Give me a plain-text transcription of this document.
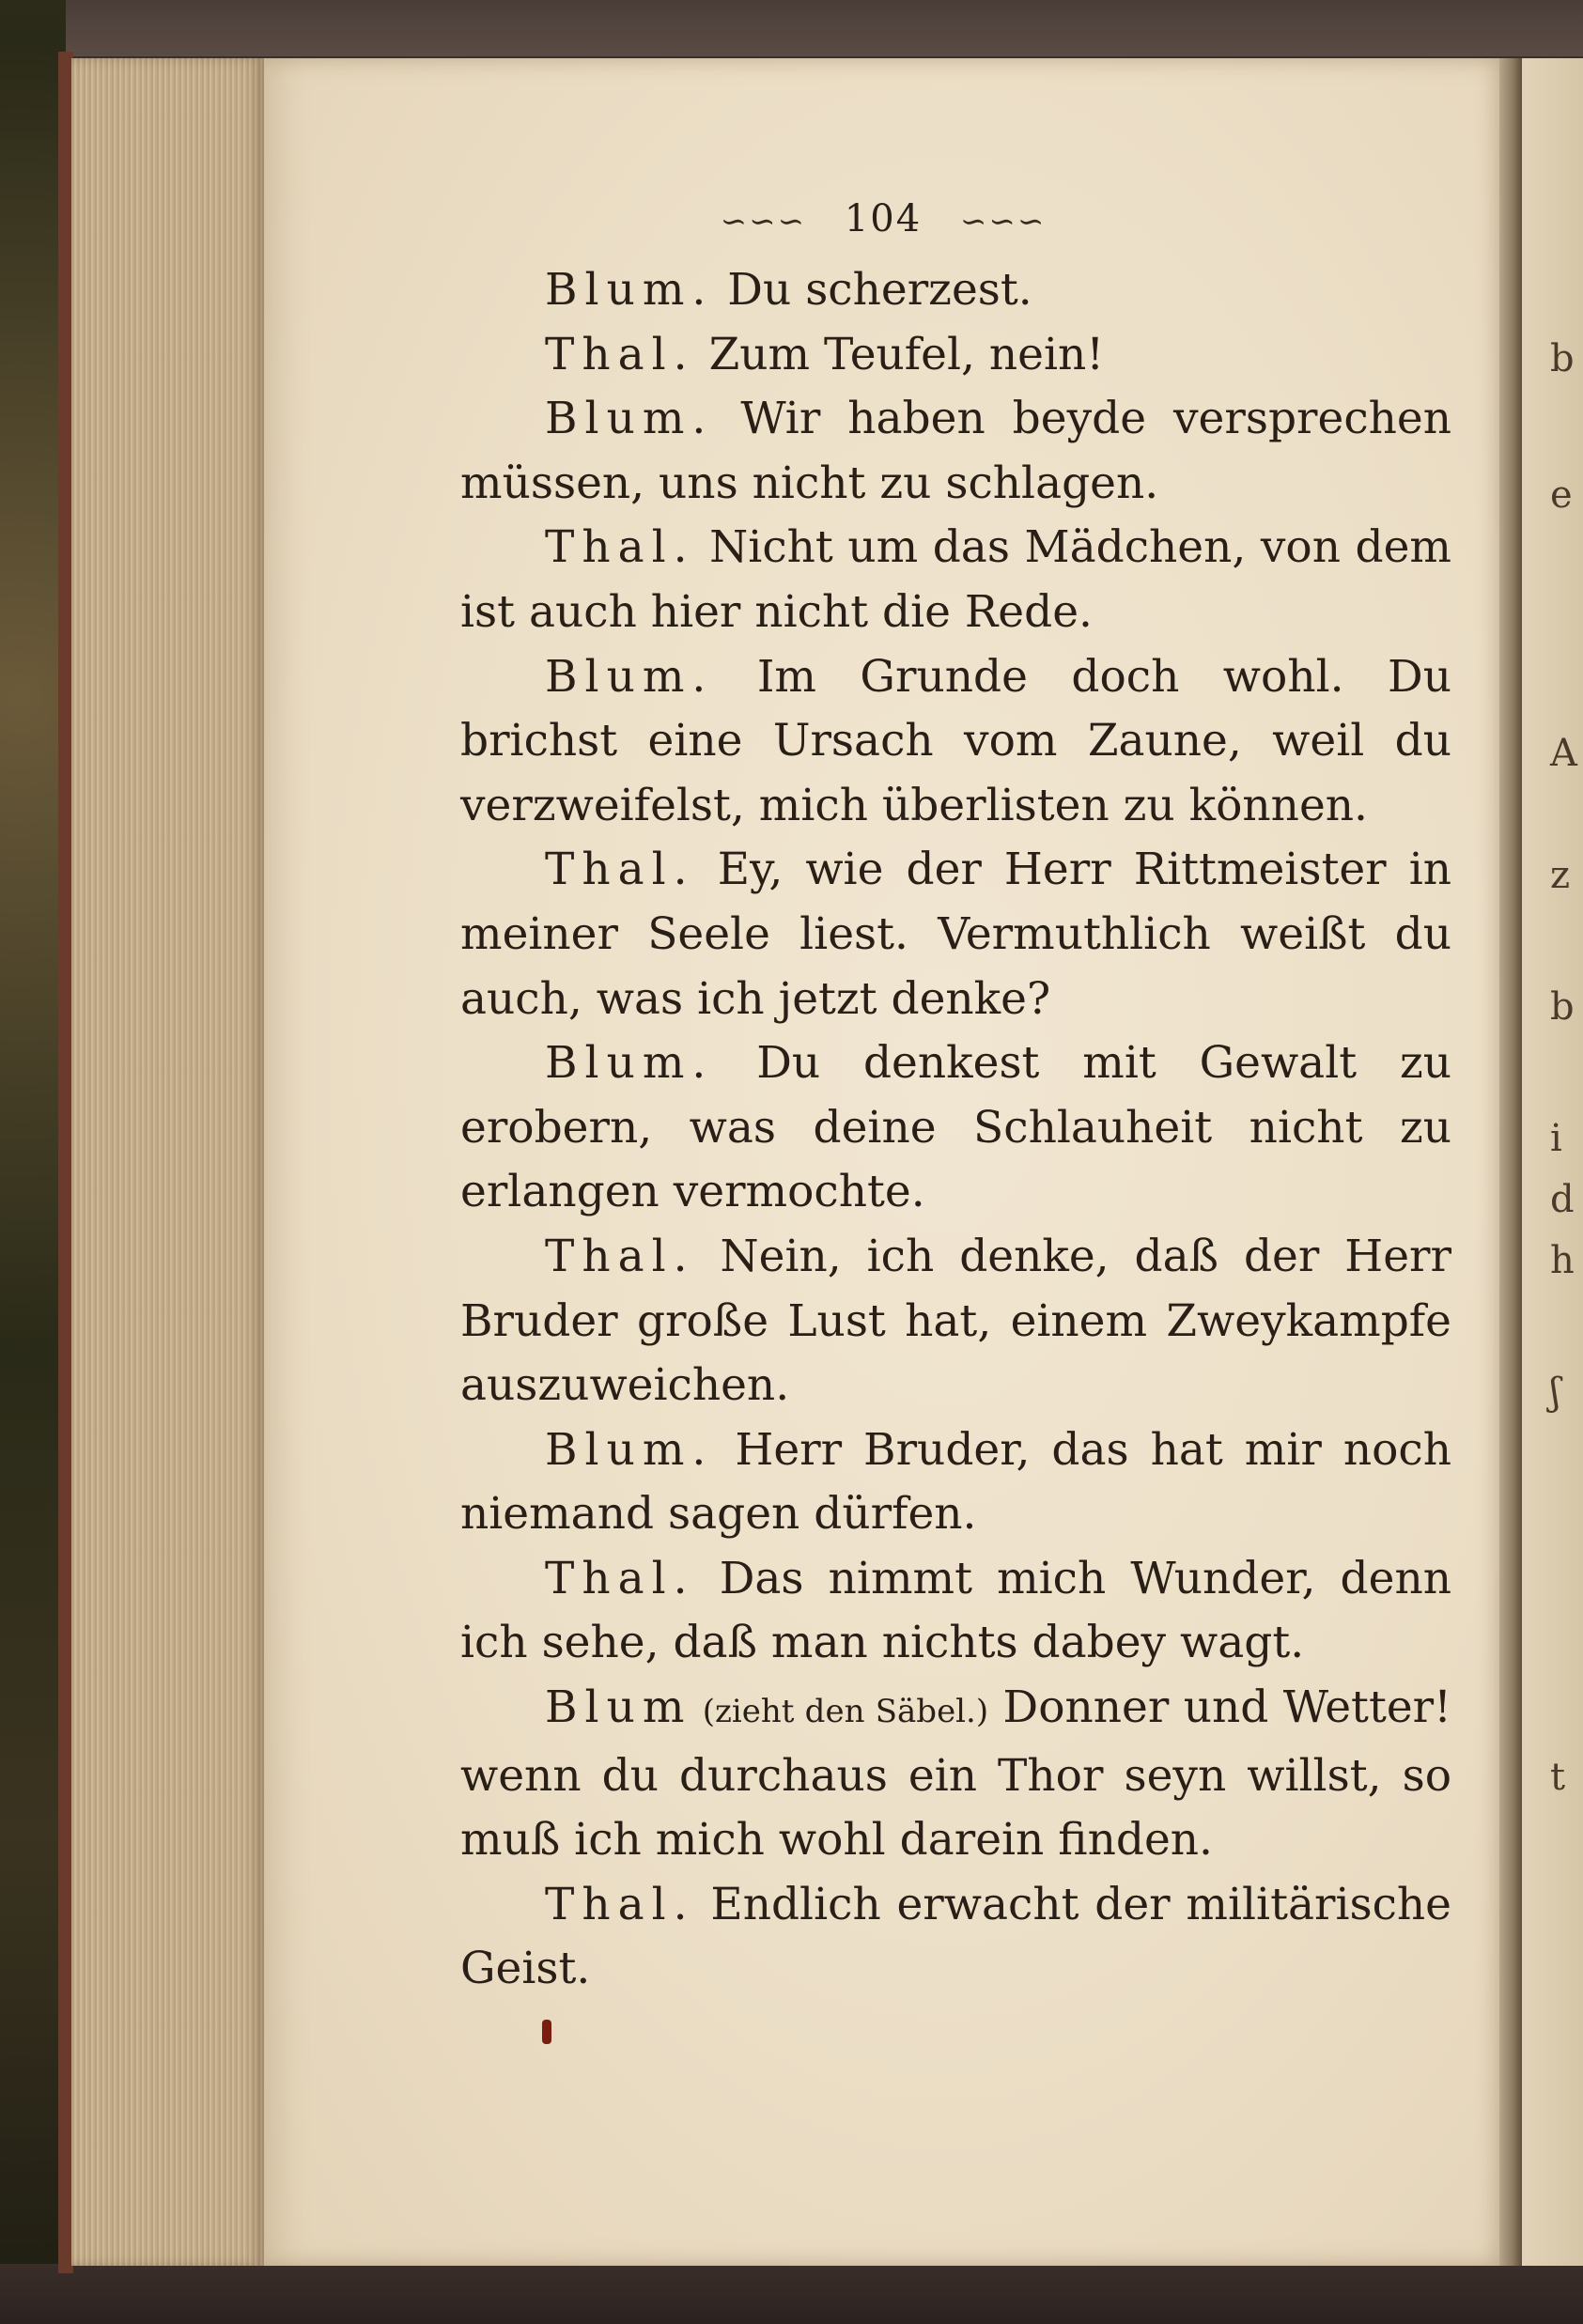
∽∽∽ 104 ∽∽∽

Blum. Du scherzest.

Thal. Zum Teufel, nein!

Blum. Wir haben beyde versprechen müssen, uns nicht zu schlagen.

Thal. Nicht um das Mädchen, von dem ist auch hier nicht die Rede.

Blum. Im Grunde doch wohl. Du brichst eine Ursach vom Zaune, weil du verzweifelst, mich überlisten zu können.

Thal. Ey, wie der Herr Rittmeister in meiner Seele liest. Vermuthlich weißt du auch, was ich jetzt denke?

Blum. Du denkest mit Gewalt zu erobern, was deine Schlauheit nicht zu erlangen vermochte.

Thal. Nein, ich denke, daß der Herr Bruder große Lust hat, einem Zweykampfe auszuweichen.

Blum. Herr Bruder, das hat mir noch niemand sagen dürfen.

Thal. Das nimmt mich Wunder, denn ich sehe, daß man nichts dabey wagt.

Blum (zieht den Säbel.) Donner und Wetter! wenn du durchaus ein Thor seyn willst, so muß ich mich wohl darein finden.

Thal. Endlich erwacht der militärische Geist.

b
e
A
z
b
i
d
h
ʃ
t
